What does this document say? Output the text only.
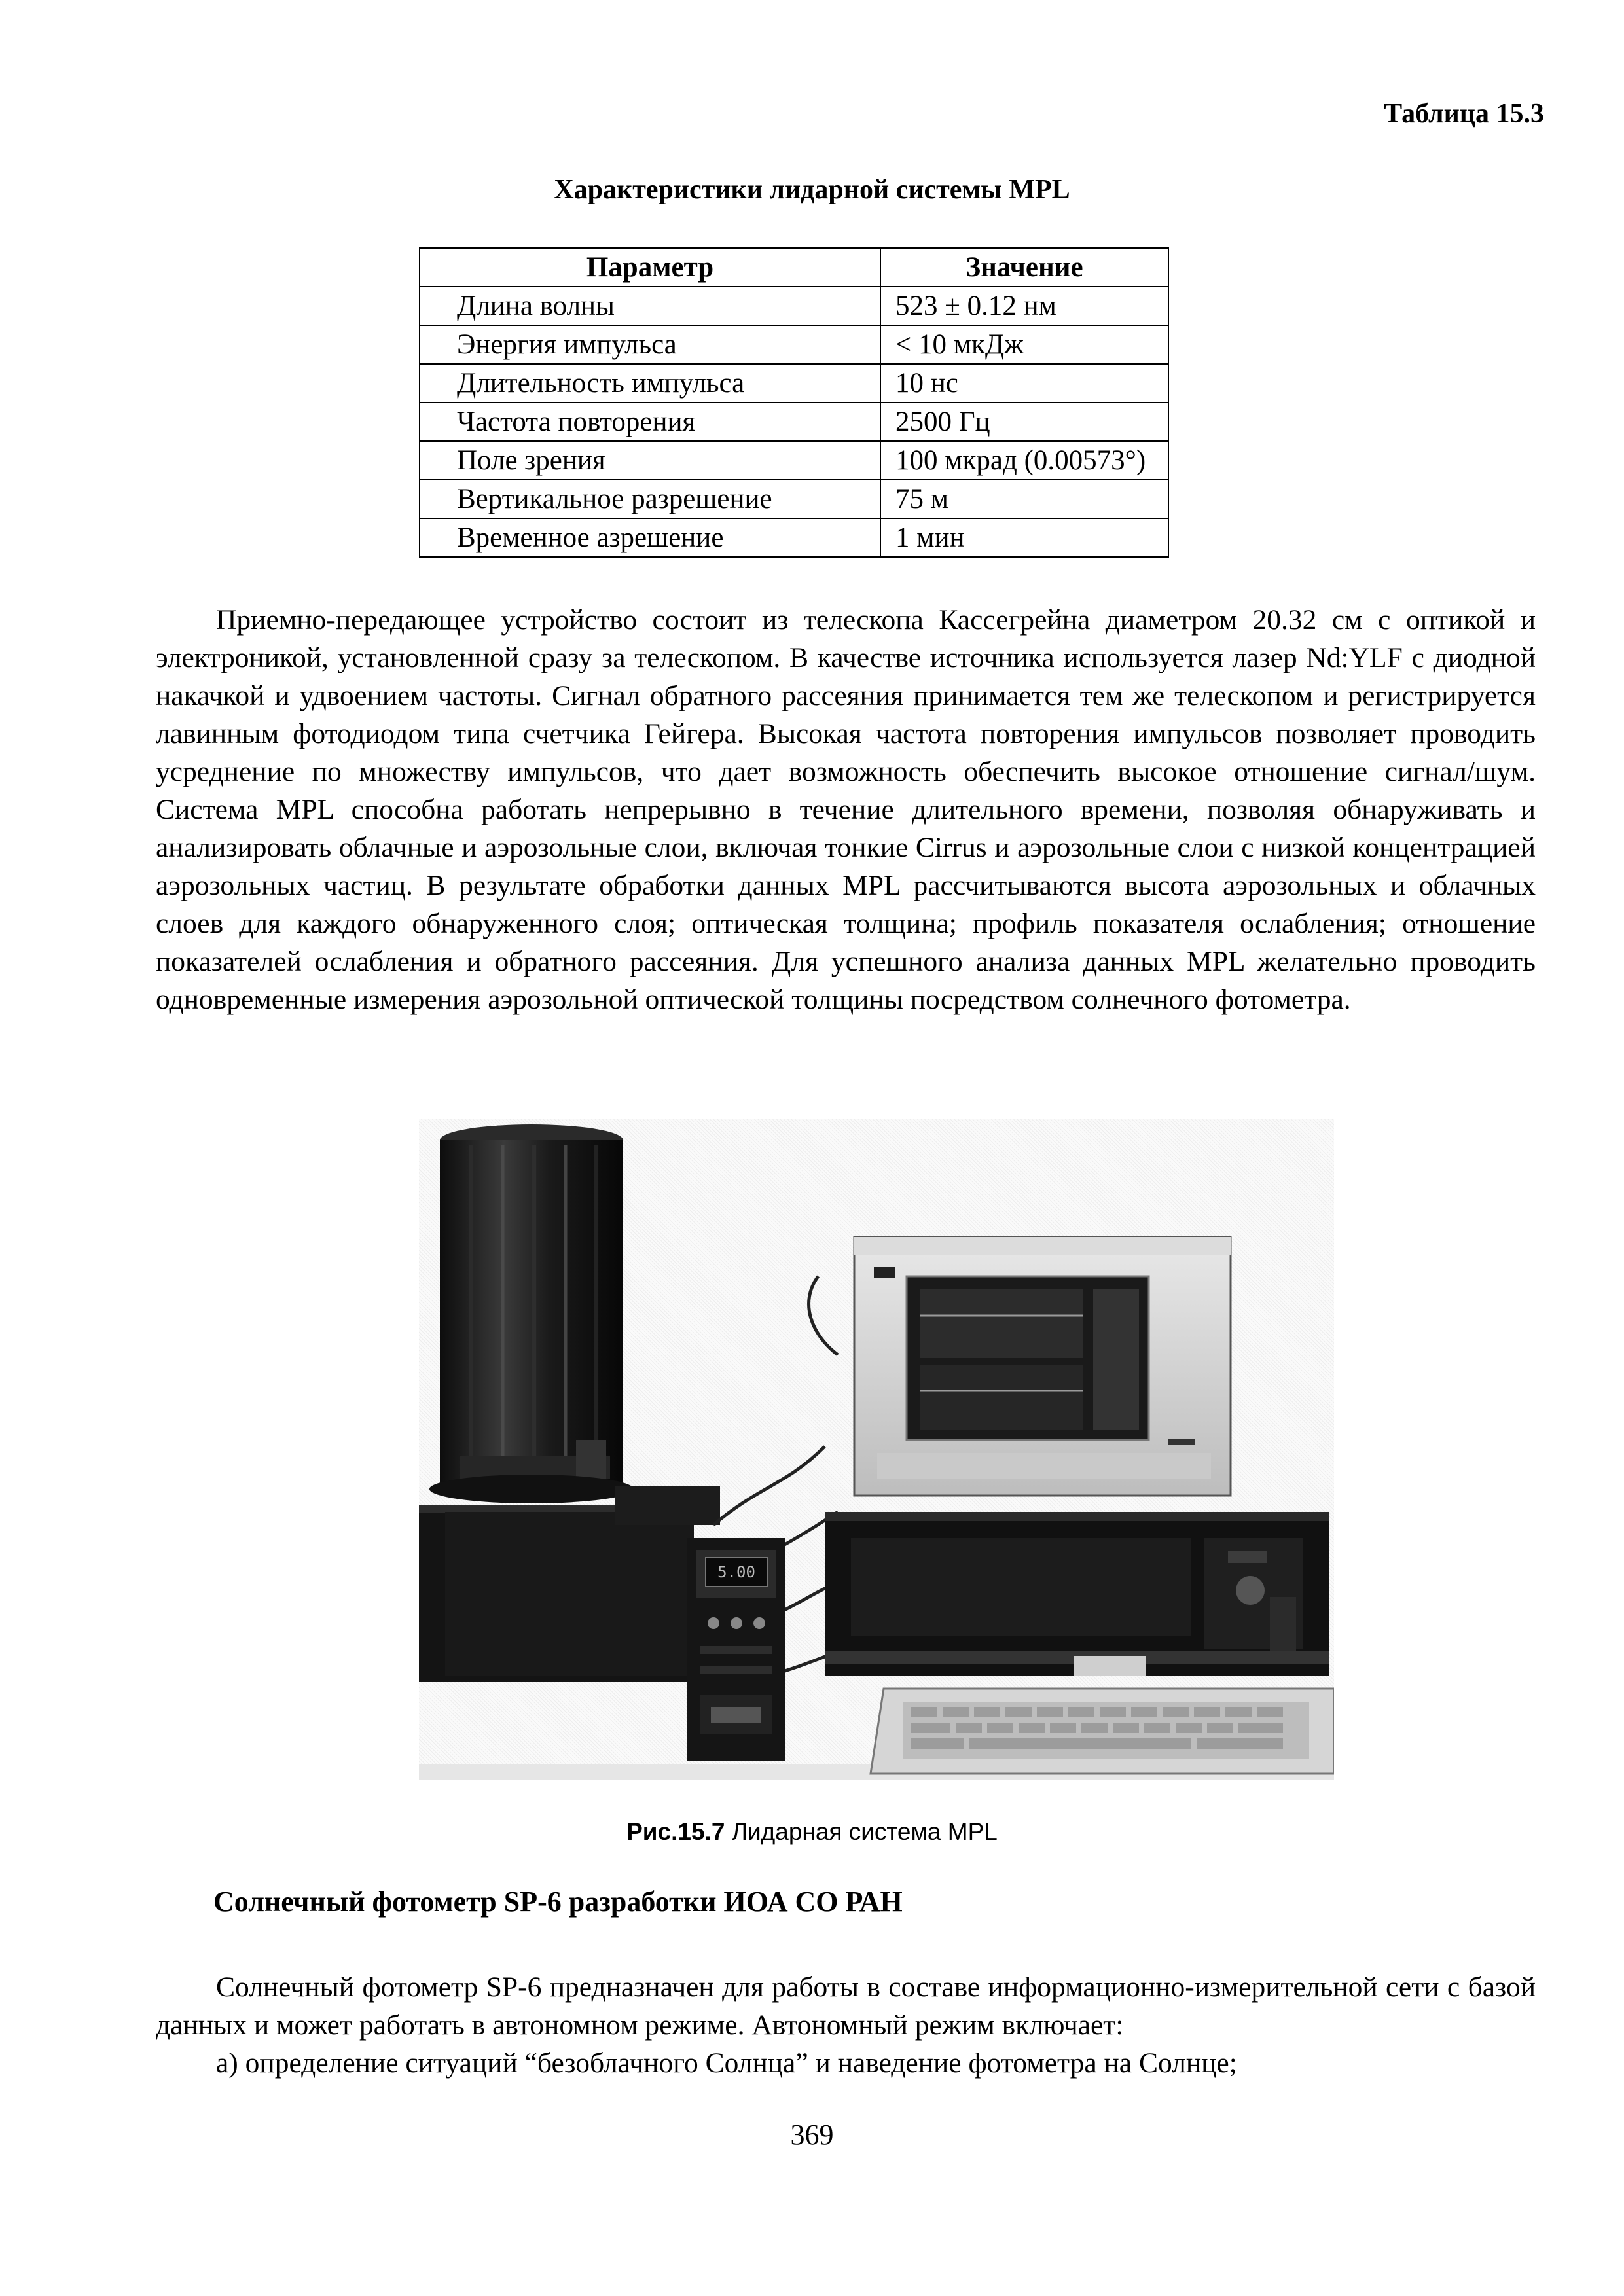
Таблица 15.3
Характеристики лидарной системы MPL
Параметр	Значение
Длина волны	523 ± 0.12 нм
Энергия импульса	< 10 мкДж
Длительность импульса	10 нс
Частота повторения	2500 Гц
Поле зрения	100 мкрад (0.00573°)
Вертикальное разрешение	75 м
Временное азрешение	1 мин

Приемно-передающее устройство состоит из телескопа Кассегрейна диаметром 20.32 см с оптикой и электроникой, установленной сразу за телескопом. В качестве источника используется лазер Nd:YLF с диодной накачкой и удвоением частоты. Сигнал обратного рассеяния принимается тем же телескопом и регистрируется лавинным фотодиодом типа счетчика Гейгера. Высокая частота повторения импульсов позволяет проводить усреднение по множеству импульсов, что дает возможность обеспечить высокое отношение сигнал/шум. Система MPL способна работать непрерывно в течение длительного времени, позволяя обнаруживать и анализировать облачные и аэрозольные слои, включая тонкие Cirrus и аэрозольные слои с низкой концентрацией аэрозольных частиц. В результате обработки данных MPL рассчитываются высота аэрозольных и облачных слоев для каждого обнаруженного слоя; оптическая толщина; профиль показателя ослабления; отношение показателей ослабления и обратного рассеяния. Для успешного анализа данных MPL желательно проводить одновременные измерения аэрозольной оптической толщины посредством солнечного фотометра.

5.00
Рис.15.7 Лидарная система MPL
Солнечный фотометр SP-6 разработки ИОА СО РАН

Солнечный фотометр SP-6 предназначен для работы в составе информационно-измерительной сети с базой данных и может работать в автономном режиме. Автономный режим включает:

а) определение ситуаций “безоблачного Солнца” и наведение фотометра на Солнце;

369
